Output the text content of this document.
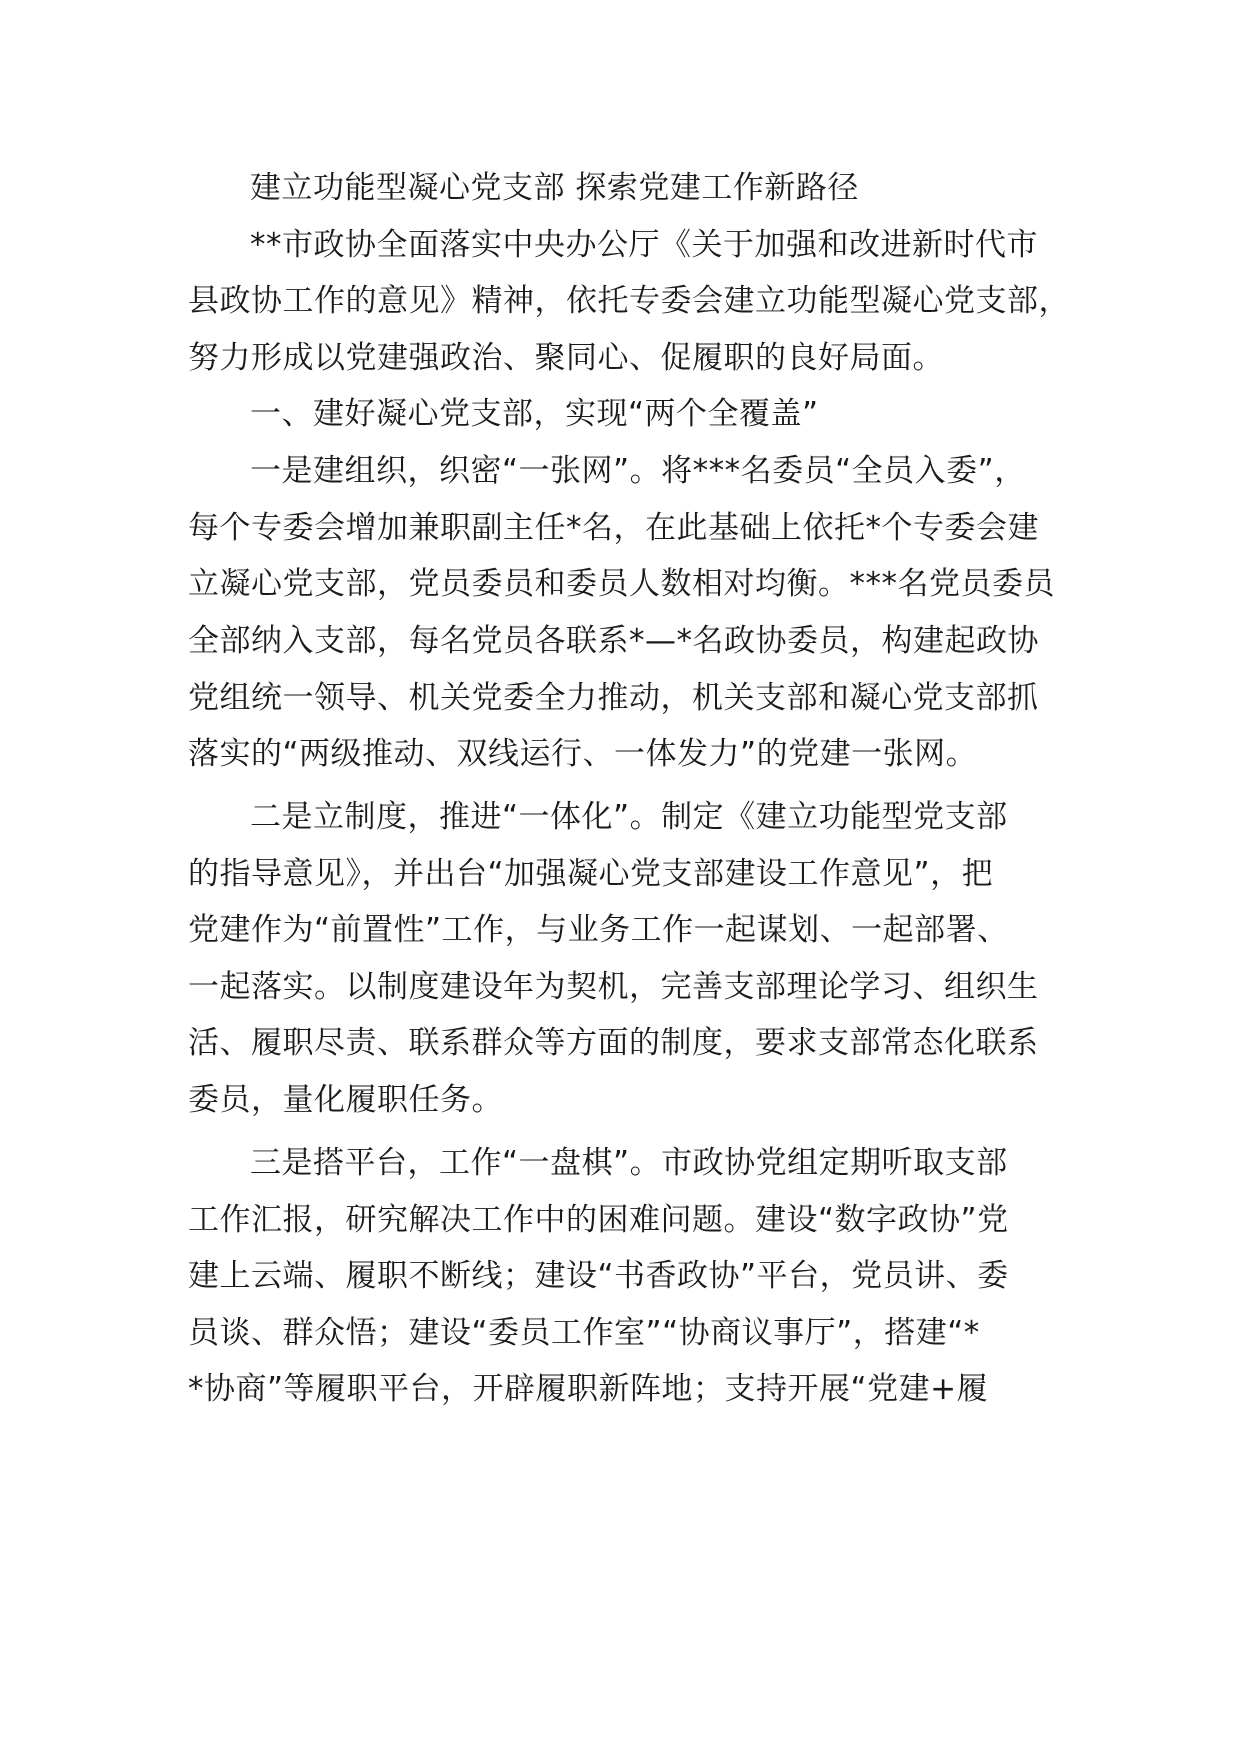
建立功能型凝心党支部 探索党建工作新路径
**市政协全面落实中央办公厅《关于加强和改进新时代市
县政协工作的意见》精神，依托专委会建立功能型凝心党支部，
努力形成以党建强政治、聚同心、促履职的良好局面。
一、建好凝心党支部，实现“两个全覆盖”
一是建组织，织密“一张网”。将***名委员“全员入委”，
每个专委会增加兼职副主任*名，在此基础上依托*个专委会建
立凝心党支部，党员委员和委员人数相对均衡。***名党员委员
全部纳入支部，每名党员各联系*—*名政协委员，构建起政协
党组统一领导、机关党委全力推动，机关支部和凝心党支部抓
落实的“两级推动、双线运行、一体发力”的党建一张网。
二是立制度，推进“一体化”。制定《建立功能型党支部
的指导意见》，并出台“加强凝心党支部建设工作意见”，把
党建作为“前置性”工作，与业务工作一起谋划、一起部署、
一起落实。以制度建设年为契机，完善支部理论学习、组织生
活、履职尽责、联系群众等方面的制度，要求支部常态化联系
委员，量化履职任务。
三是搭平台，工作“一盘棋”。市政协党组定期听取支部
工作汇报，研究解决工作中的困难问题。建设“数字政协”党
建上云端、履职不断线；建设“书香政协”平台，党员讲、委
员谈、群众悟；建设“委员工作室”“协商议事厅”，搭建“*
*协商”等履职平台，开辟履职新阵地；支持开展“党建+履
